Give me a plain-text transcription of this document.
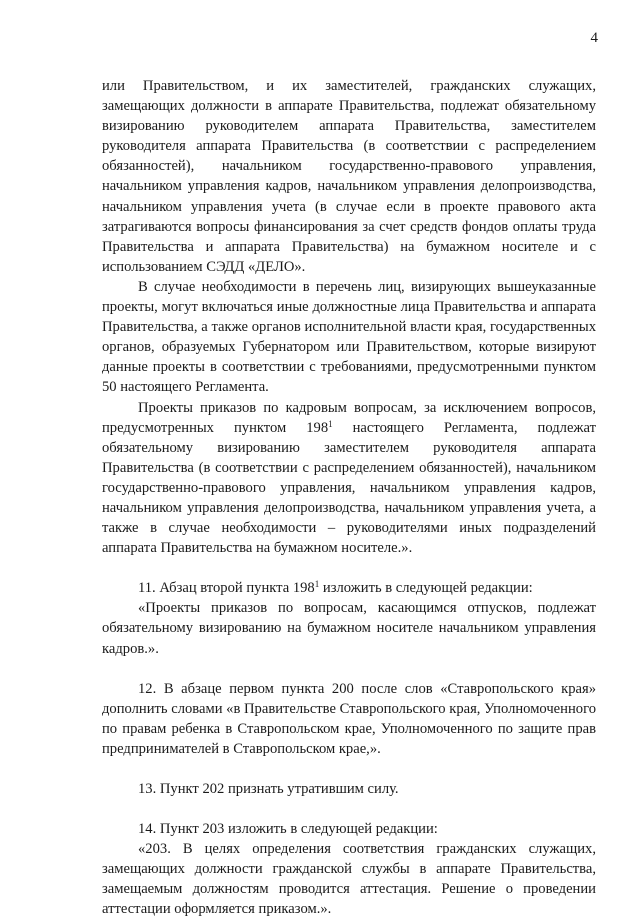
4

или Правительством, и их заместителей, гражданских служащих, замещающих должности в аппарате Правительства, подлежат обязательному визированию руководителем аппарата Правительства, заместителем руководителя аппарата Правительства (в соответствии с распределением обязанностей), начальником государственно-правового управления, начальником управления кадров, начальником управления делопроизводства, начальником управления учета (в случае если в проекте правового акта затрагиваются вопросы финансирования за счет средств фондов оплаты труда Правительства и аппарата Правительства) на бумажном носителе и с использованием СЭДД «ДЕЛО».

В случае необходимости в перечень лиц, визирующих вышеуказанные проекты, могут включаться иные должностные лица Правительства и аппарата Правительства, а также органов исполнительной власти края, государственных органов, образуемых Губернатором или Правительством, которые визируют данные проекты в соответствии с требованиями, предусмотренными пунктом 50 настоящего Регламента.

Проекты приказов по кадровым вопросам, за исключением вопросов, предусмотренных пунктом $198^1$ настоящего Регламента, подлежат обязательному визированию заместителем руководителя аппарата Правительства (в соответствии с распределением обязанностей), начальником государственно-правового управления, начальником управления кадров, начальником управления делопроизводства, начальником управления учета, а также в случае необходимости – руководителями иных подразделений аппарата Правительства на бумажном носителе.».

11. Абзац второй пункта $198^1$ изложить в следующей редакции:

«Проекты приказов по вопросам, касающимся отпусков, подлежат обязательному визированию на бумажном носителе начальником управления кадров.».

12. В абзаце первом пункта 200 после слов «Ставропольского края» дополнить словами «в Правительстве Ставропольского края, Уполномоченного по правам ребенка в Ставропольском крае, Уполномоченного по защите прав предпринимателей в Ставропольском крае,».

13. Пункт 202 признать утратившим силу.

14. Пункт 203 изложить в следующей редакции:

«203. В целях определения соответствия гражданских служащих, замещающих должности гражданской службы в аппарате Правительства, замещаемым должностям проводится аттестация. Решение о проведении аттестации оформляется приказом.».
